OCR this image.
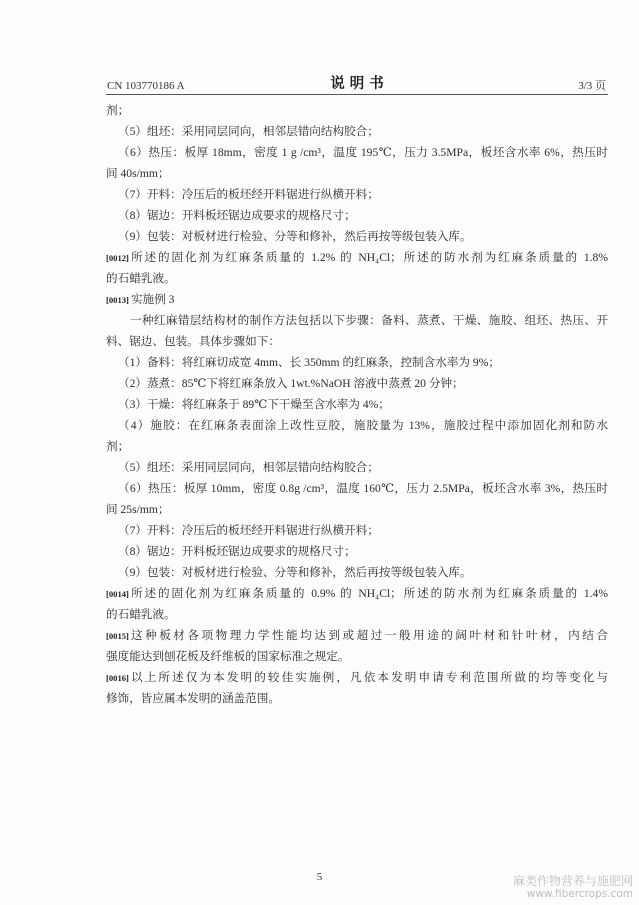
CN 103770186 A	说 明 书	3/3 页
剂；
（5）组坯：采用同层同向，相邻层错向结构胶合；
（6）热压：板厚 18mm，密度 1 g /cm³，温度 195℃，压力 3.5MPa，板坯含水率 6%，热压时
间 40s/mm；
（7）开料：冷压后的板坯经开料锯进行纵横开料；
（8）锯边：开料板坯锯边成要求的规格尺寸；
（9）包装：对板材进行检验、分等和修补，然后再按等级包装入库。
[0012] 所述的固化剂为红麻条质量的 1.2% 的 NH₄Cl；所述的防水剂为红麻条质量的 1.8%
的石蜡乳液。
[0013] 实施例 3
一种红麻错层结构材的制作方法包括以下步骤：备料、蒸煮、干燥、施胶、组坯、热压、开
料、锯边、包装。具体步骤如下：
（1）备料：将红麻切成宽 4mm、长 350mm 的红麻条，控制含水率为 9%；
（2）蒸煮：85℃下将红麻条放入 1wt.%NaOH 溶液中蒸煮 20 分钟；
（3）干燥：将红麻条于 89℃下干燥至含水率为 4%；
（4）施胶：在红麻条表面涂上改性豆胶，施胶量为 13%，施胶过程中添加固化剂和防水
剂；
（5）组坯：采用同层同向，相邻层错向结构胶合；
（6）热压：板厚 10mm，密度 0.8g /cm³，温度 160℃，压力 2.5MPa，板坯含水率 3%，热压时
间 25s/mm；
（7）开料：冷压后的板坯经开料锯进行纵横开料；
（8）锯边：开料板坯锯边成要求的规格尺寸；
（9）包装：对板材进行检验、分等和修补，然后再按等级包装入库。
[0014] 所述的固化剂为红麻条质量的 0.9% 的 NH₄Cl；所述的防水剂为红麻条质量的 1.4%
的石蜡乳液。
[0015] 这种板材各项物理力学性能均达到或超过一般用途的阔叶材和针叶材，内结合
强度能达到刨花板及纤维板的国家标准之规定。
[0016] 以上所述仅为本发明的较佳实施例，凡依本发明申请专利范围所做的均等变化与
修饰，皆应属本发明的涵盖范围。
5	麻类作物营养与施肥网
www.fibercrops.com
